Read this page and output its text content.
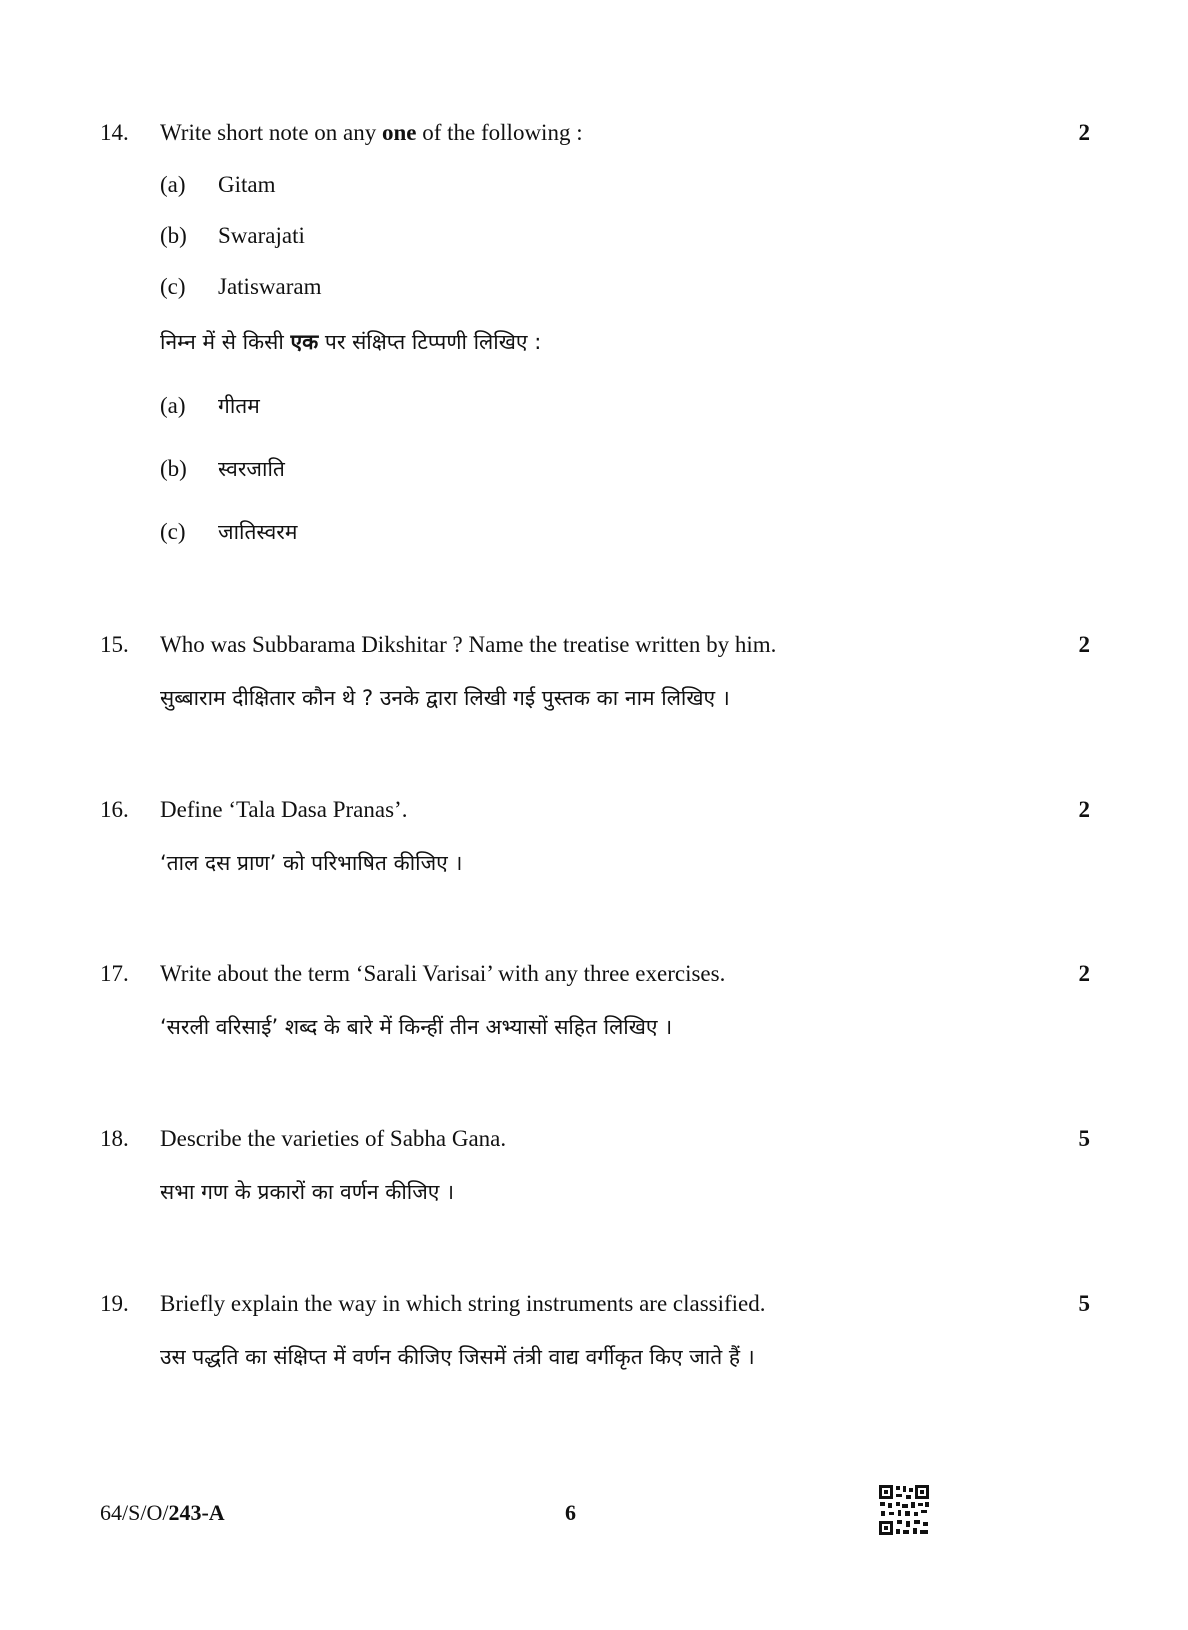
14. Write short note on any one of the following :	2
(a) Gitam
(b) Swarajati
(c) Jatiswaram
निम्न में से किसी एक पर संक्षिप्त टिप्पणी लिखिए :
(a) गीतम
(b) स्वरजाति
(c) जातिस्वरम
15. Who was Subbarama Dikshitar ? Name the treatise written by him.	2
सुब्बाराम दीक्षितार कौन थे ? उनके द्वारा लिखी गई पुस्तक का नाम लिखिए ।
16. Define ‘Tala Dasa Pranas’.	2
‘ताल दस प्राण’ को परिभाषित कीजिए ।
17. Write about the term ‘Sarali Varisai’ with any three exercises.	2
‘सरली वरिसाई’ शब्द के बारे में किन्हीं तीन अभ्यासों सहित लिखिए ।
18. Describe the varieties of Sabha Gana.	5
सभा गण के प्रकारों का वर्णन कीजिए ।
19. Briefly explain the way in which string instruments are classified.	5
उस पद्धति का संक्षिप्त में वर्णन कीजिए जिसमें तंत्री वाद्य वर्गीकृत किए जाते हैं ।
64/S/O/243-A	6
